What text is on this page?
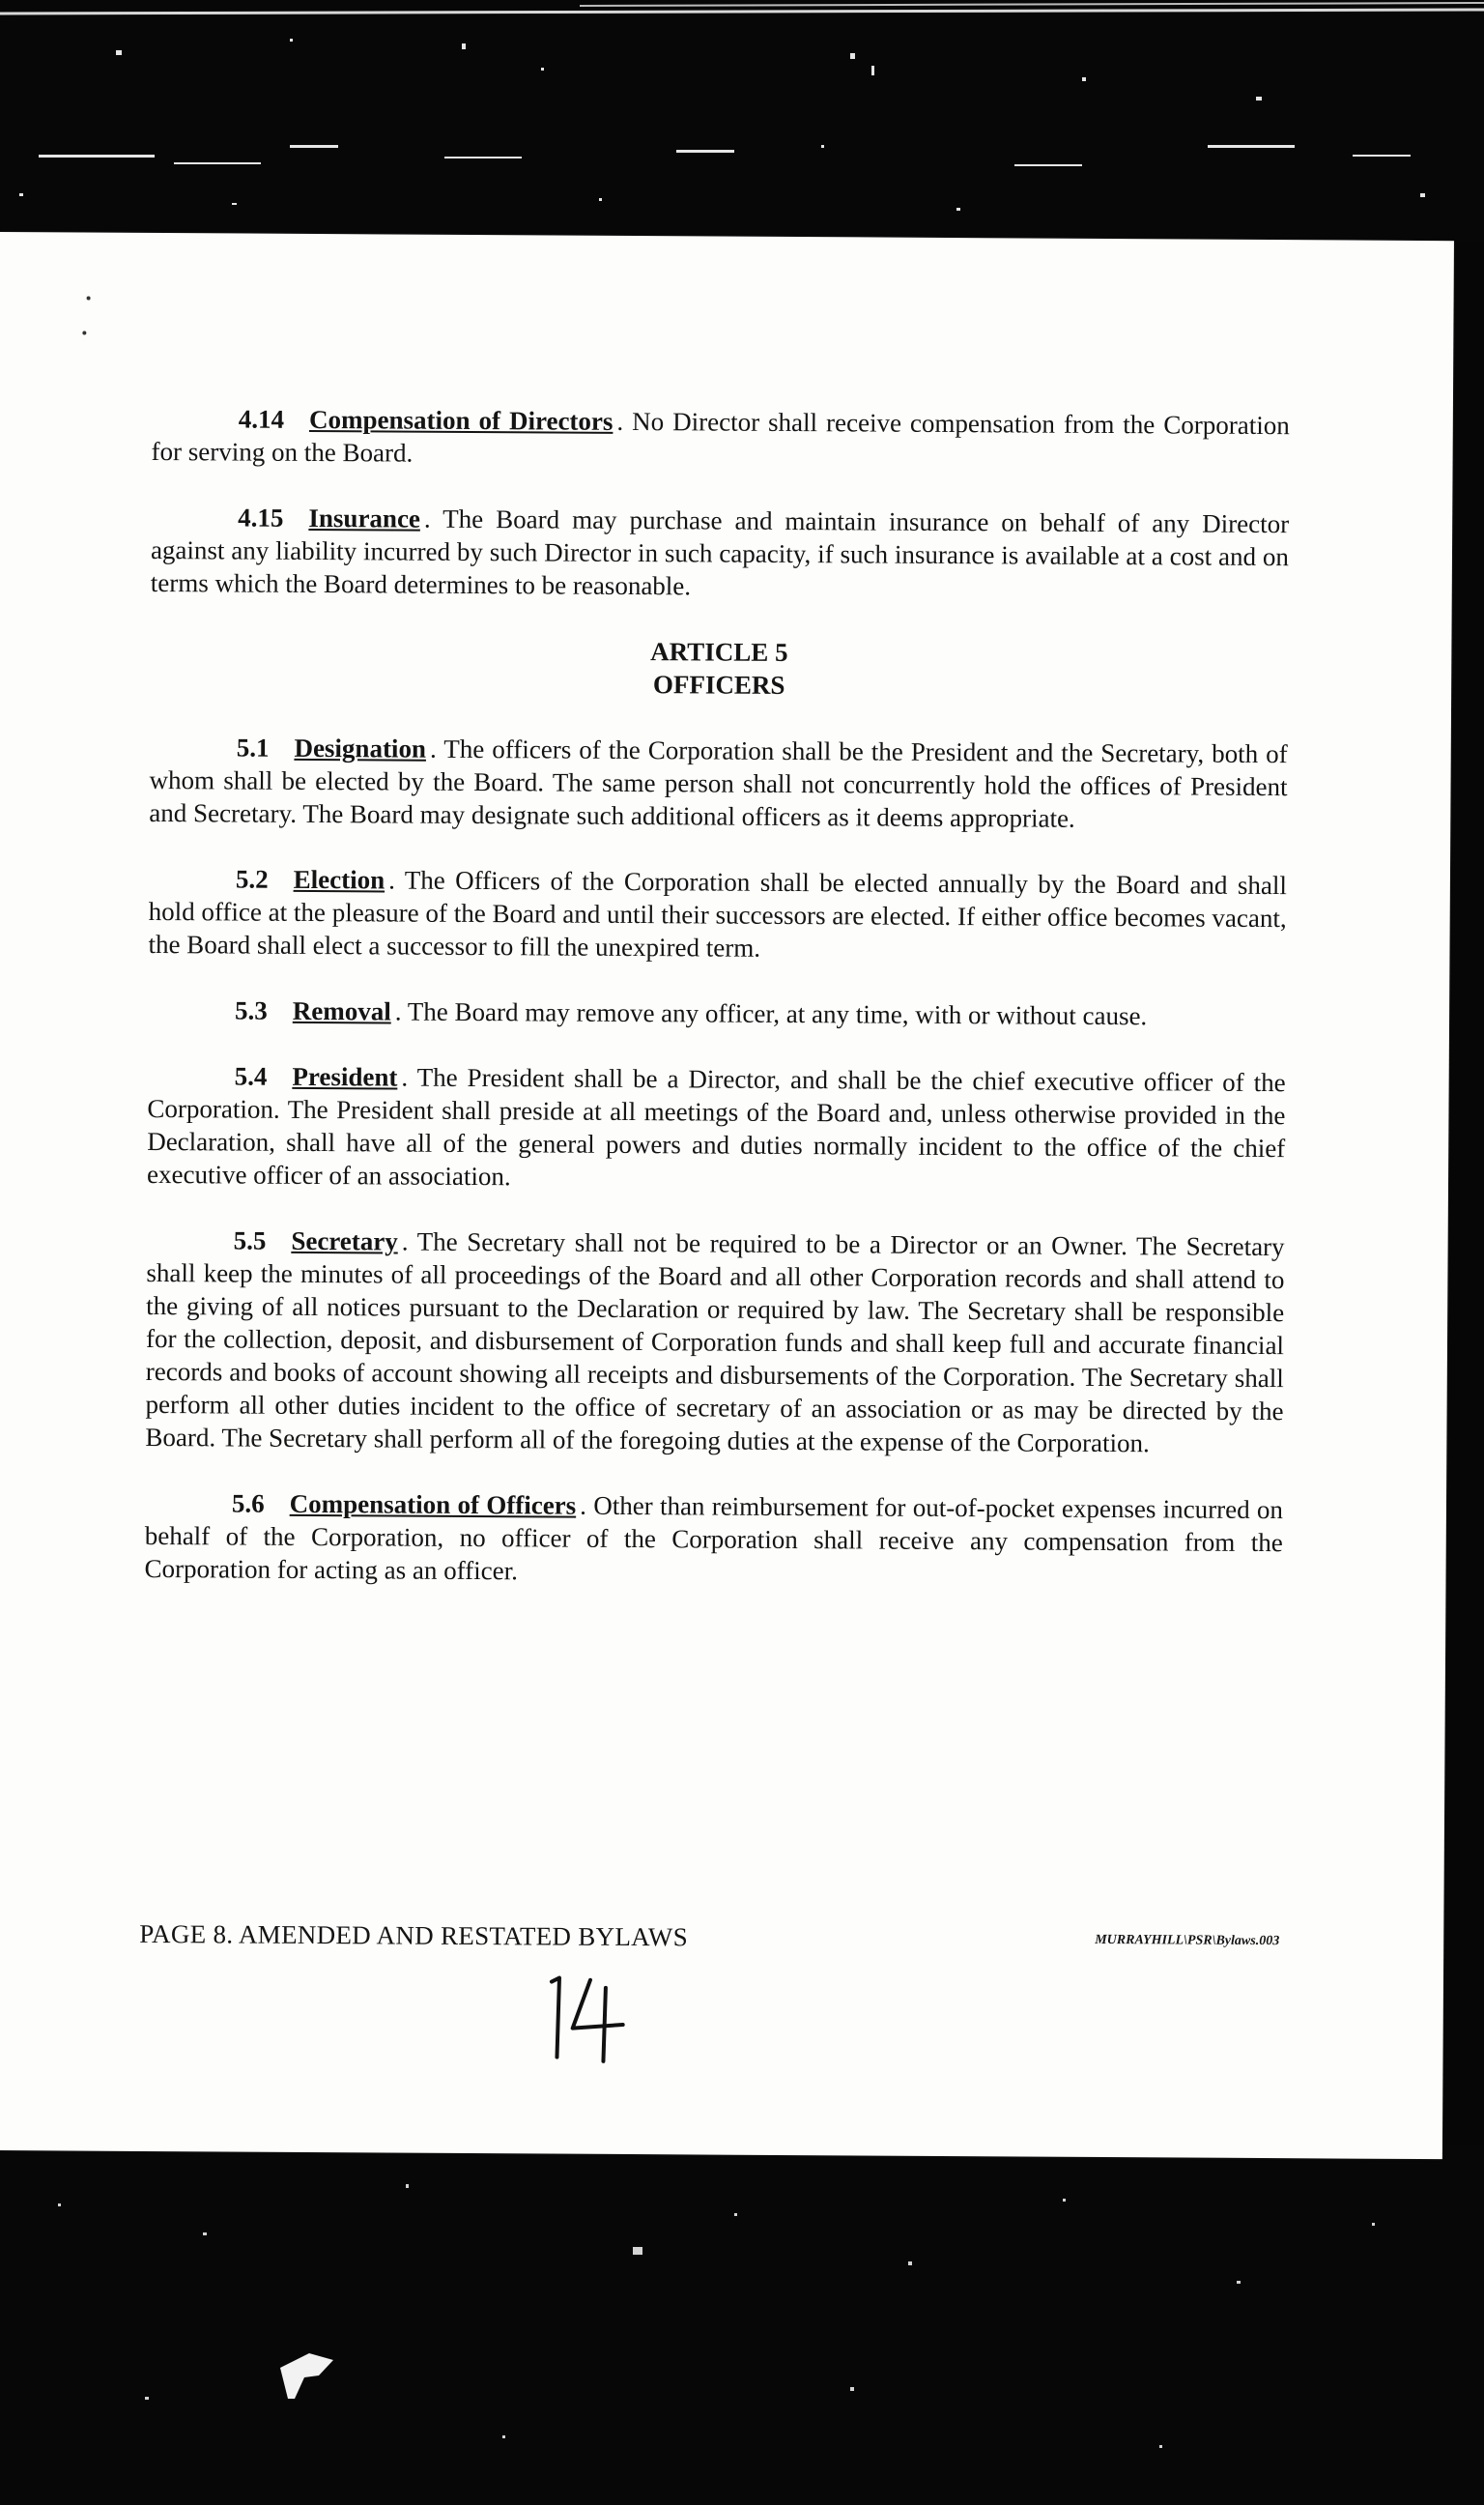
4.14 Compensation of Directors . No Director shall receive compensation from the Corporation for serving on the Board.

4.15 Insurance . The Board may purchase and maintain insurance on behalf of any Director against any liability incurred by such Director in such capacity, if such insurance is available at a cost and on terms which the Board determines to be reasonable.

ARTICLE 5
OFFICERS

5.1 Designation . The officers of the Corporation shall be the President and the Secretary, both of whom shall be elected by the Board. The same person shall not concurrently hold the offices of President and Secretary. The Board may designate such additional officers as it deems appropriate.

5.2 Election . The Officers of the Corporation shall be elected annually by the Board and shall hold office at the pleasure of the Board and until their successors are elected. If either office becomes vacant, the Board shall elect a successor to fill the unexpired term.

5.3 Removal . The Board may remove any officer, at any time, with or without cause.

5.4 President . The President shall be a Director, and shall be the chief executive officer of the Corporation. The President shall preside at all meetings of the Board and, unless otherwise provided in the Declaration, shall have all of the general powers and duties normally incident to the office of the chief executive officer of an association.

5.5 Secretary . The Secretary shall not be required to be a Director or an Owner. The Secretary shall keep the minutes of all proceedings of the Board and all other Corporation records and shall attend to the giving of all notices pursuant to the Declaration or required by law. The Secretary shall be responsible for the collection, deposit, and disbursement of Corporation funds and shall keep full and accurate financial records and books of account showing all receipts and disbursements of the Corporation. The Secretary shall perform all other duties incident to the office of secretary of an association or as may be directed by the Board. The Secretary shall perform all of the foregoing duties at the expense of the Corporation.

5.6 Compensation of Officers . Other than reimbursement for out-of-pocket expenses incurred on behalf of the Corporation, no officer of the Corporation shall receive any compensation from the Corporation for acting as an officer.

PAGE 8. AMENDED AND RESTATED BYLAWS	MURRAYHILL\PSR\Bylaws.003
